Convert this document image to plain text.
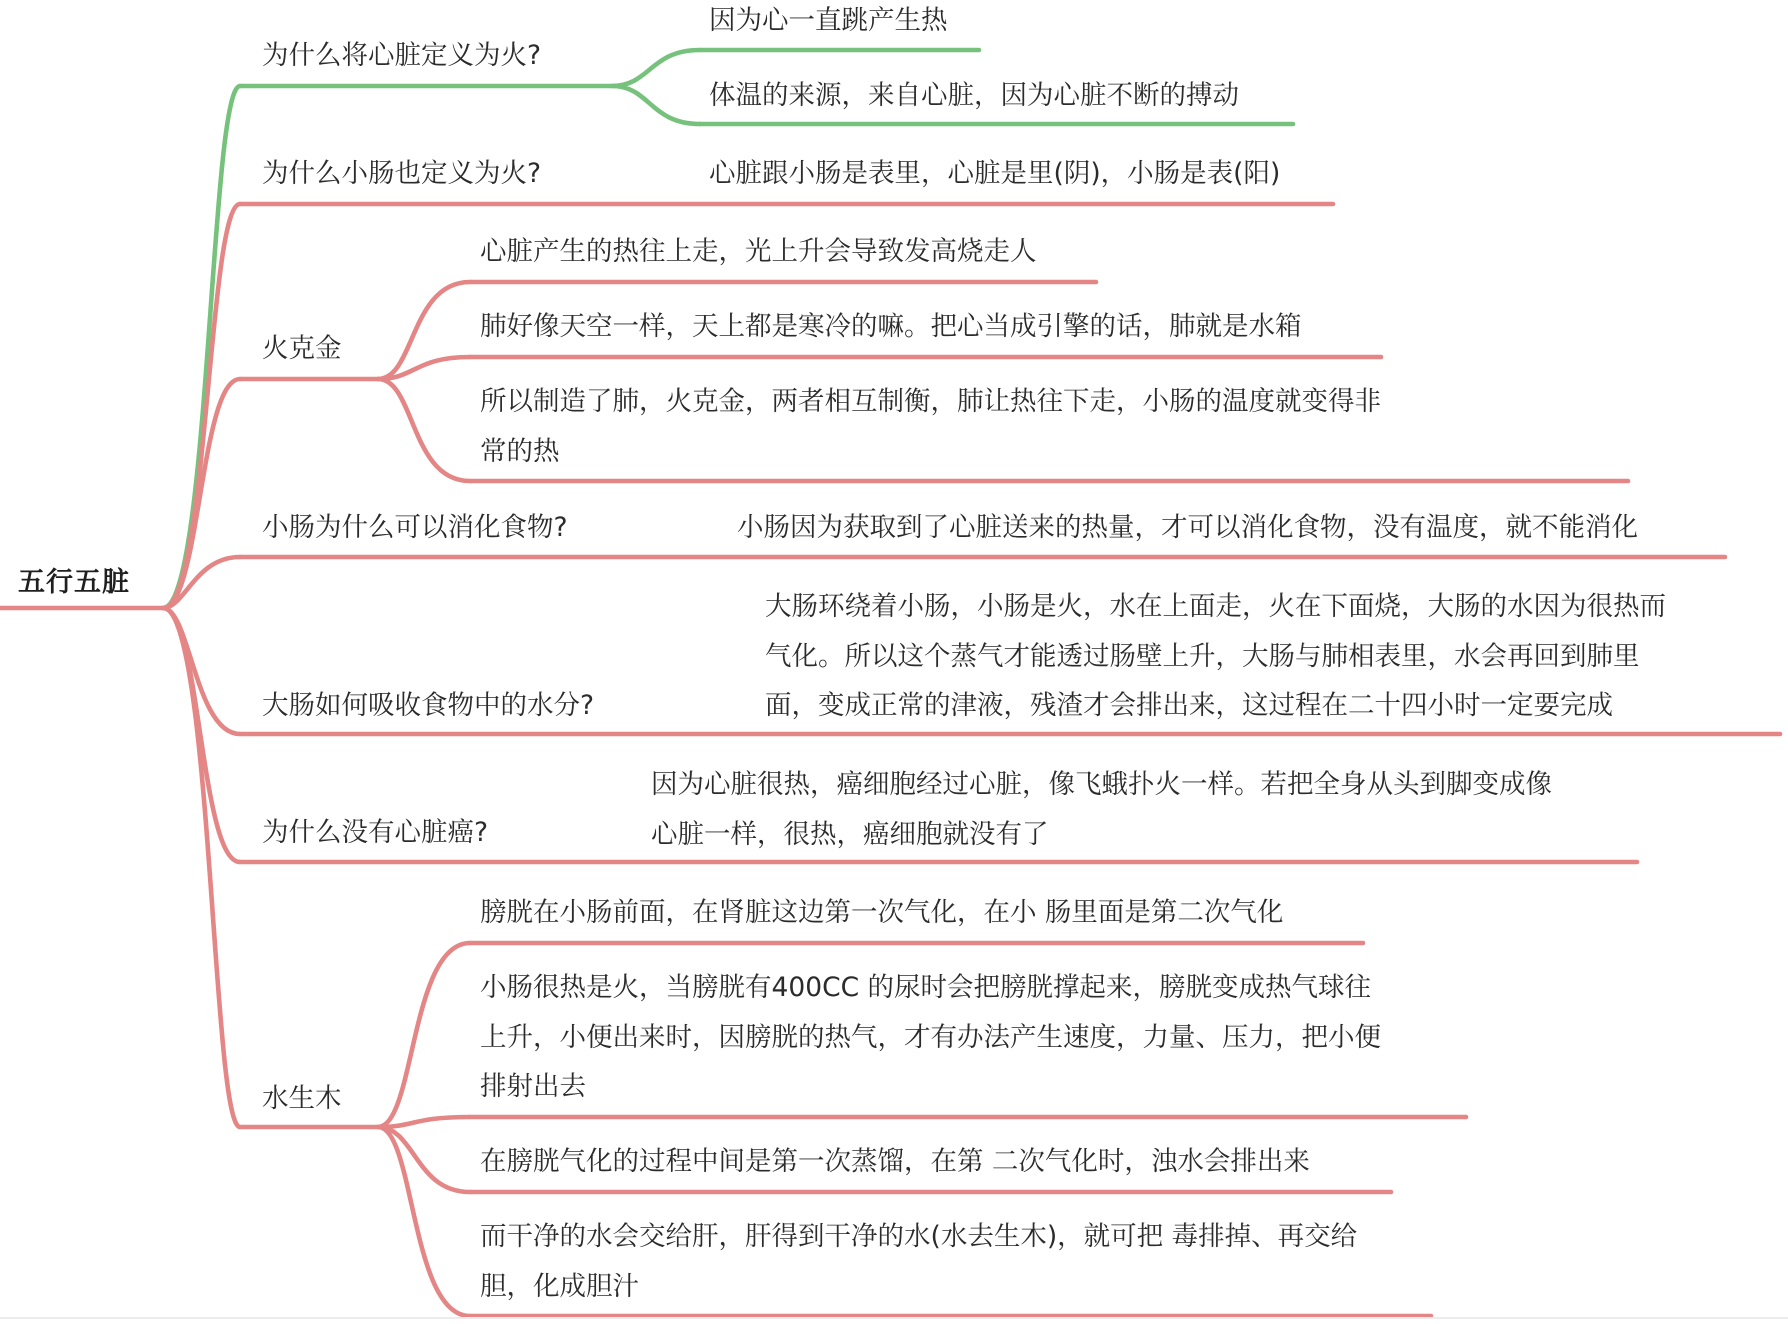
五行五脏
为什么将心脏定义为火?
为什么小肠也定义为火?
火克金
小肠为什么可以消化食物?
大肠如何吸收食物中的水分?
为什么没有心脏癌?
水生木
因为心一直跳产生热
体温的来源，来自心脏，因为心脏不断的搏动
心脏跟小肠是表里，心脏是里(阴)，小肠是表(阳)
心脏产生的热往上走，光上升会导致发高烧走人
肺好像天空一样，天上都是寒冷的嘛。把心当成引擎的话，肺就是水箱
所以制造了肺，火克金，两者相互制衡，肺让热往下走，小肠的温度就变得非
常的热
小肠因为获取到了心脏送来的热量，才可以消化食物，没有温度，就不能消化
大肠环绕着小肠，小肠是火，水在上面走，火在下面烧，大肠的水因为很热而
气化。所以这个蒸气才能透过肠壁上升，大肠与肺相表里，水会再回到肺里
面，变成正常的津液，残渣才会排出来，这过程在二十四小时一定要完成
因为心脏很热，癌细胞经过心脏，像飞蛾扑火一样。若把全身从头到脚变成像
心脏一样，很热，癌细胞就没有了
膀胱在小肠前面，在肾脏这边第一次气化，在小 肠里面是第二次气化
小肠很热是火，当膀胱有400CC 的尿时会把膀胱撑起来，膀胱变成热气球往
上升，小便出来时，因膀胱的热气，才有办法产生速度，力量、压力，把小便
排射出去
在膀胱气化的过程中间是第一次蒸馏，在第 二次气化时，浊水会排出来
而干净的水会交给肝，肝得到干净的水(水去生木)，就可把 毒排掉、再交给
胆，化成胆汁
